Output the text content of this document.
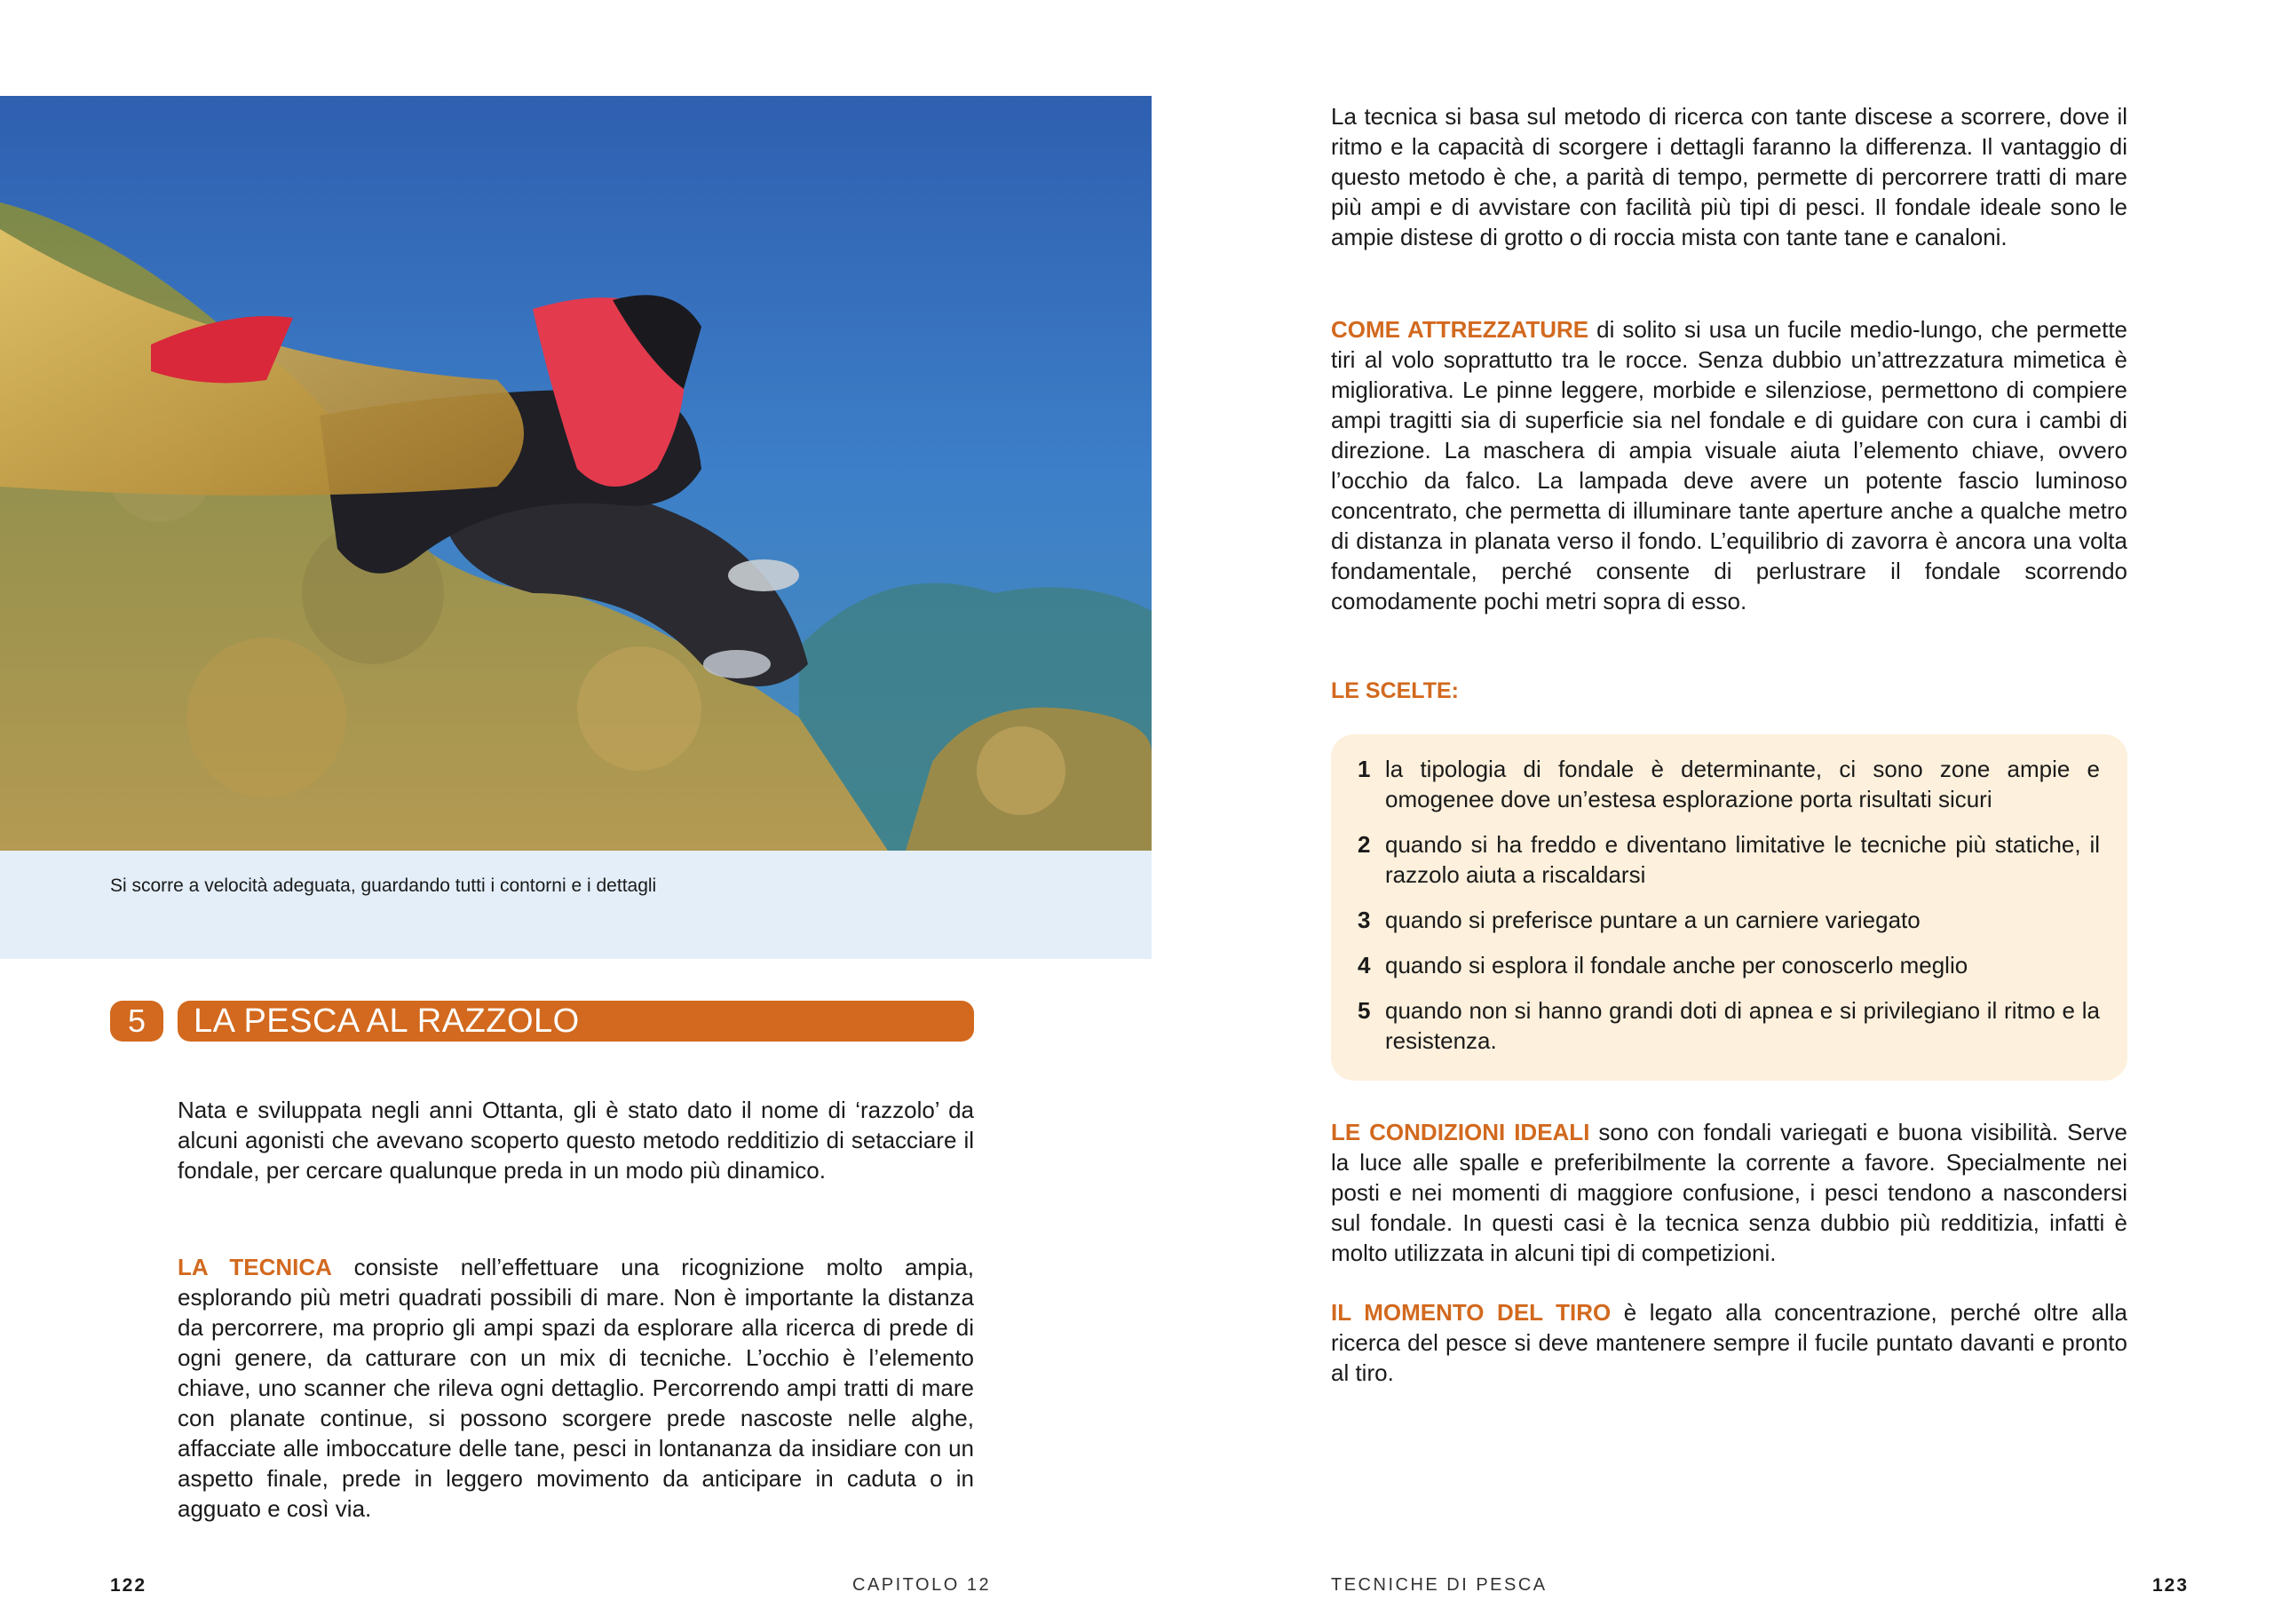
Si scorre a velocità adeguata, guardando tutti i contorni e i dettagli
5	LA PESCA AL RAZZOLO
Nata e sviluppata negli anni Ottanta, gli è stato dato il nome di ‘razzolo’ da alcuni agonisti che avevano scoperto questo metodo redditizio di setacciare il fondale, per cercare qualunque preda in un modo più dinamico.
LA TECNICA consiste nell’effettuare una ricognizione molto ampia, esplorando più metri quadrati possibili di mare. Non è importante la distanza da percorrere, ma proprio gli ampi spazi da esplorare alla ricerca di prede di ogni genere, da catturare con un mix di tecniche. L’occhio è l’elemento chiave, uno scanner che rileva ogni dettaglio. Percorrendo ampi tratti di mare con planate continue, si possono scorgere prede nascoste nelle alghe, affacciate alle imboccature delle tane, pesci in lontananza da insidiare con un aspetto finale, prede in leggero movimento da anticipare in caduta o in agguato e così via.
122	CAPITOLO 12
La tecnica si basa sul metodo di ricerca con tante discese a scorrere, dove il ritmo e la capacità di scorgere i dettagli faranno la differenza. Il vantaggio di questo metodo è che, a parità di tempo, permette di percorrere tratti di mare più ampi e di avvistare con facilità più tipi di pesci. Il fondale ideale sono le ampie distese di grotto o di roccia mista con tante tane e canaloni.
COME ATTREZZATURE di solito si usa un fucile medio-lungo, che permette tiri al volo soprattutto tra le rocce. Senza dubbio un’attrezzatura mimetica è migliorativa. Le pinne leggere, morbide e silenziose, permettono di compiere ampi tragitti sia di superficie sia nel fondale e di guidare con cura i cambi di direzione. La maschera di ampia visuale aiuta l’elemento chiave, ovvero l’occhio da falco. La lampada deve avere un potente fascio luminoso concentrato, che permetta di illuminare tante aperture anche a qualche metro di distanza in planata verso il fondo. L’equilibrio di zavorra è ancora una volta fondamentale, perché consente di perlustrare il fondale scorrendo comodamente pochi metri sopra di esso.
LE SCELTE:
1 la tipologia di fondale è determinante, ci sono zone ampie e omogenee dove un’estesa esplorazione porta risultati sicuri
2 quando si ha freddo e diventano limitative le tecniche più statiche, il razzolo aiuta a riscaldarsi
3 quando si preferisce puntare a un carniere variegato
4 quando si esplora il fondale anche per conoscerlo meglio
5 quando non si hanno grandi doti di apnea e si privilegiano il ritmo e la resistenza.
LE CONDIZIONI IDEALI sono con fondali variegati e buona visibilità. Serve la luce alle spalle e preferibilmente la corrente a favore. Specialmente nei posti e nei momenti di maggiore confusione, i pesci tendono a nascondersi sul fondale. In questi casi è la tecnica senza dubbio più redditizia, infatti è molto utilizzata in alcuni tipi di competizioni.
IL MOMENTO DEL TIRO è legato alla concentrazione, perché oltre alla ricerca del pesce si deve mantenere sempre il fucile puntato davanti e pronto al tiro.
TECNICHE DI PESCA	123
